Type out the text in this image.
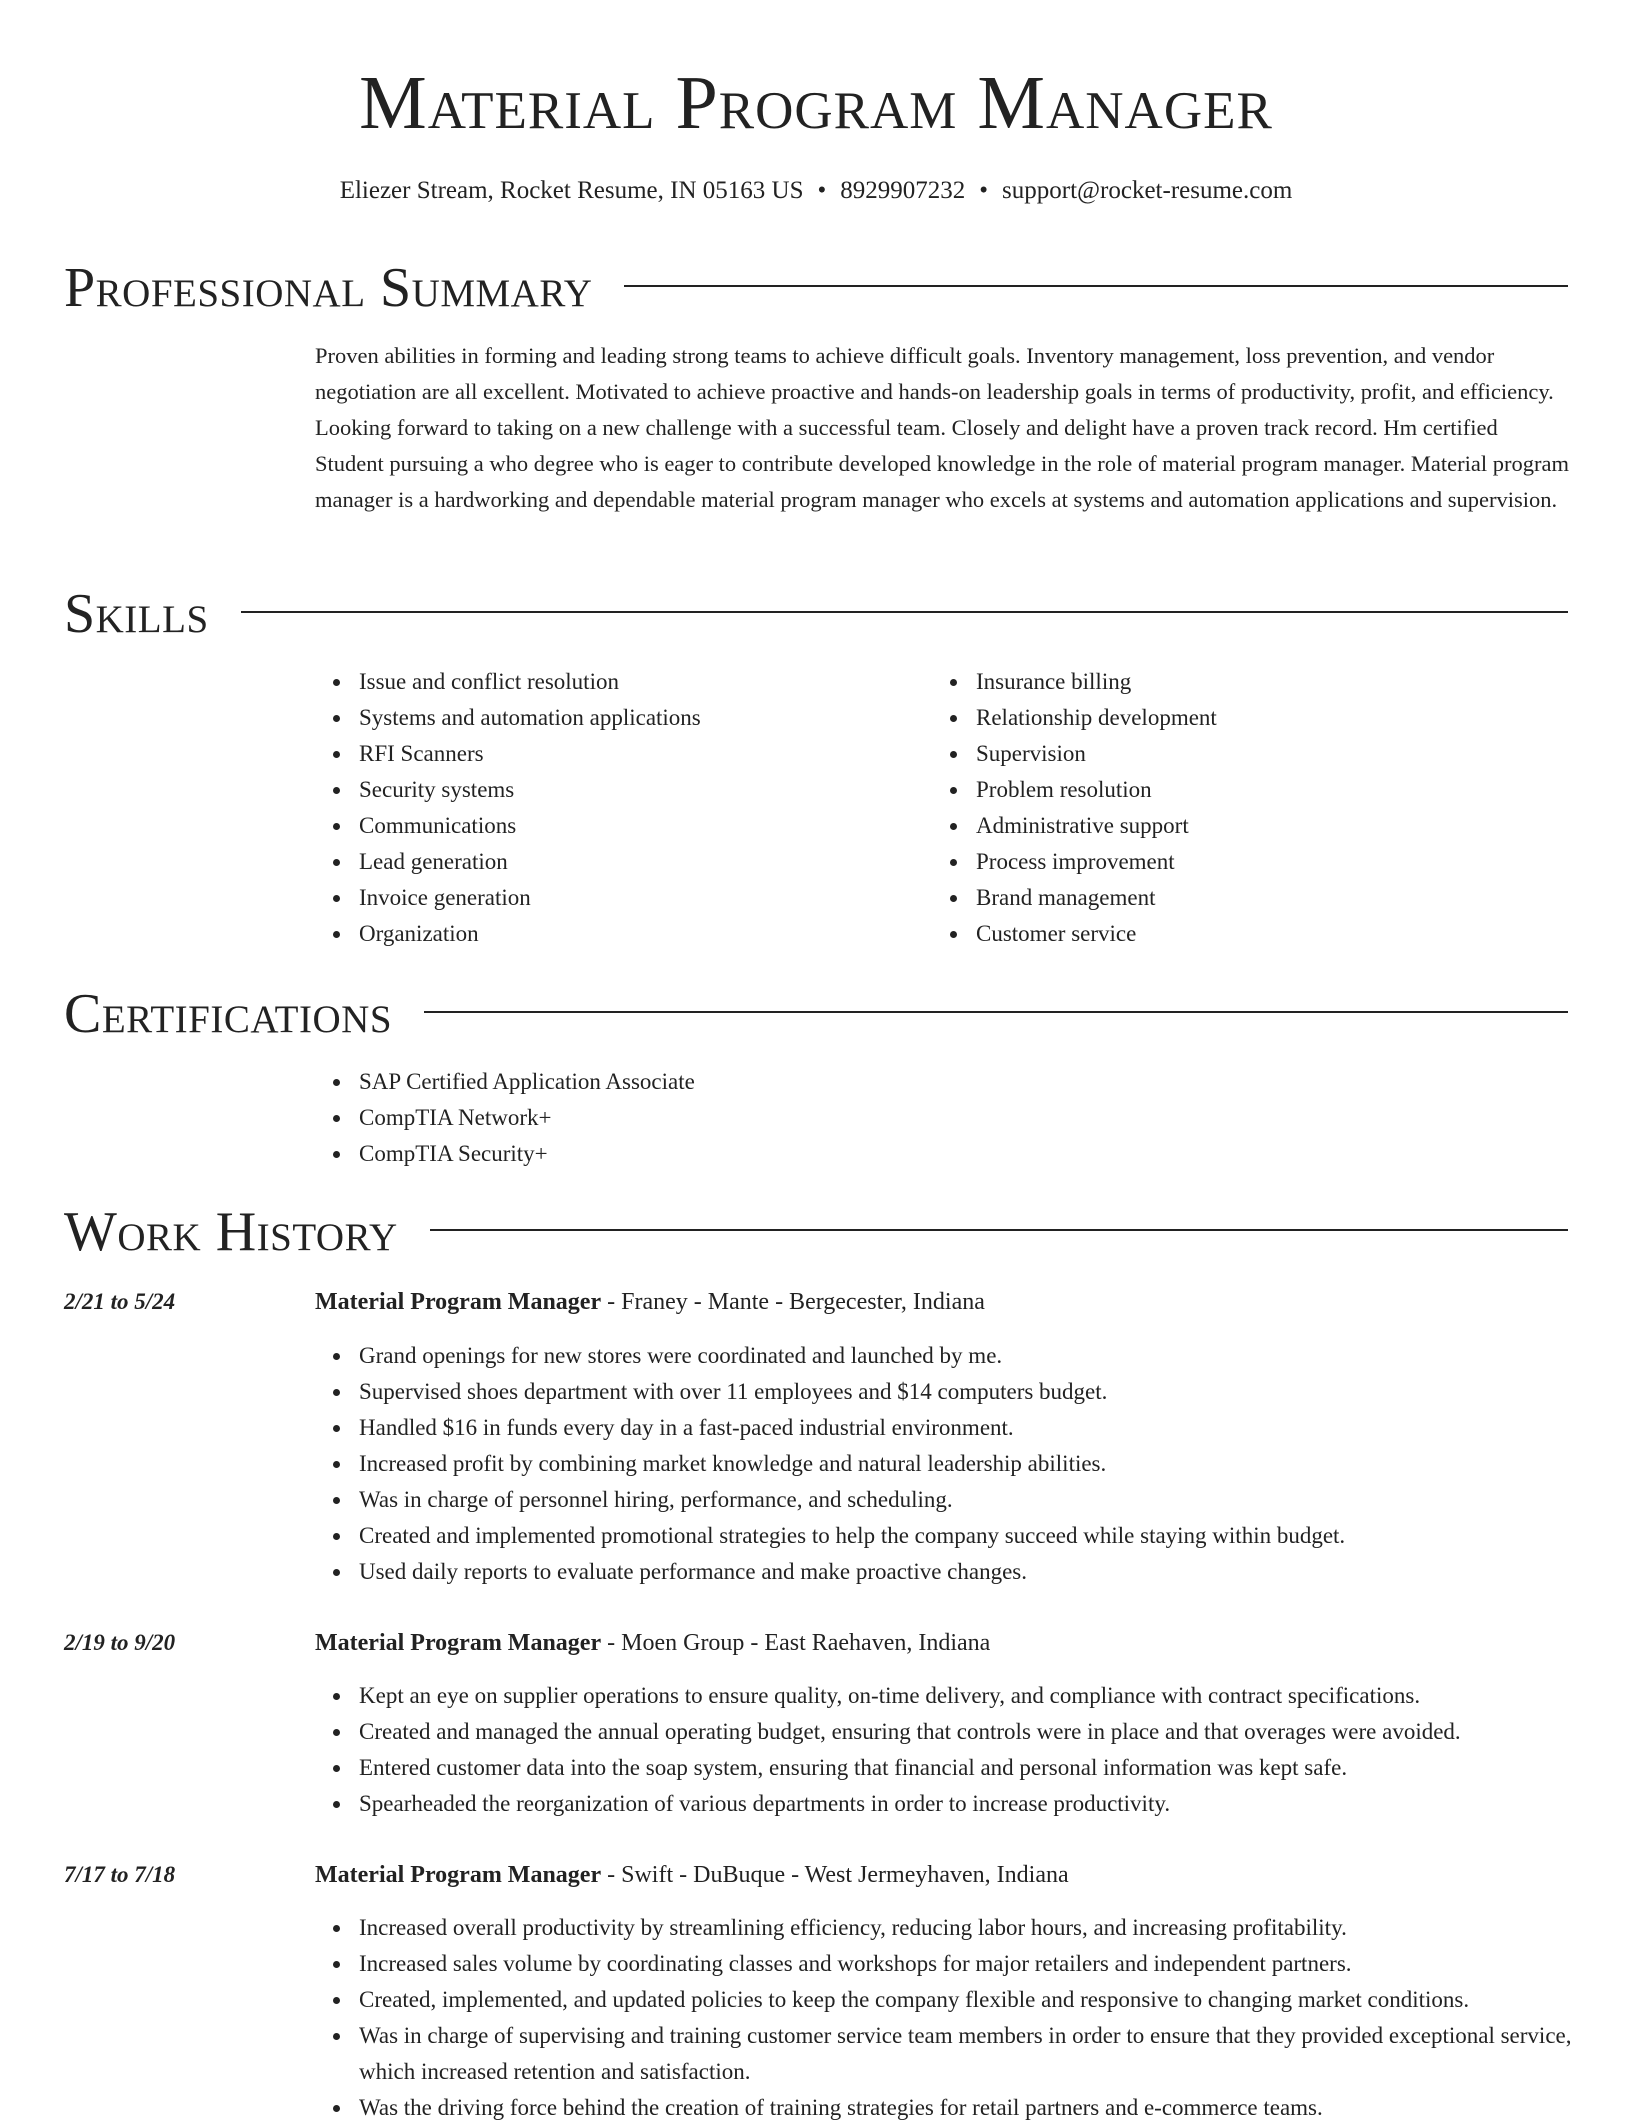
Material Program Manager
Eliezer Stream, Rocket Resume, IN 05163 US • 8929907232 • support@rocket-resume.com
Professional Summary

Proven abilities in forming and leading strong teams to achieve difficult goals. Inventory management, loss prevention, and vendor negotiation are all excellent. Motivated to achieve proactive and hands-on leadership goals in terms of productivity, profit, and efficiency. Looking forward to taking on a new challenge with a successful team. Closely and delight have a proven track record. Hm certified Student pursuing a who degree who is eager to contribute developed knowledge in the role of material program manager. Material program manager is a hardworking and dependable material program manager who excels at systems and automation applications and supervision.

Skills
Issue and conflict resolution
Systems and automation applications
RFI Scanners
Security systems
Communications
Lead generation
Invoice generation
Organization
Insurance billing
Relationship development
Supervision
Problem resolution
Administrative support
Process improvement
Brand management
Customer service
Certifications
SAP Certified Application Associate
CompTIA Network+
CompTIA Security+
Work History
2/21 to 5/24	Material Program Manager - Franey - Mante - Bergecester, Indiana
Grand openings for new stores were coordinated and launched by me.
Supervised shoes department with over 11 employees and $14 computers budget.
Handled $16 in funds every day in a fast-paced industrial environment.
Increased profit by combining market knowledge and natural leadership abilities.
Was in charge of personnel hiring, performance, and scheduling.
Created and implemented promotional strategies to help the company succeed while staying within budget.
Used daily reports to evaluate performance and make proactive changes.
2/19 to 9/20	Material Program Manager - Moen Group - East Raehaven, Indiana
Kept an eye on supplier operations to ensure quality, on-time delivery, and compliance with contract specifications.
Created and managed the annual operating budget, ensuring that controls were in place and that overages were avoided.
Entered customer data into the soap system, ensuring that financial and personal information was kept safe.
Spearheaded the reorganization of various departments in order to increase productivity.
7/17 to 7/18	Material Program Manager - Swift - DuBuque - West Jermeyhaven, Indiana
Increased overall productivity by streamlining efficiency, reducing labor hours, and increasing profitability.
Increased sales volume by coordinating classes and workshops for major retailers and independent partners.
Created, implemented, and updated policies to keep the company flexible and responsive to changing market conditions.
Was in charge of supervising and training customer service team members in order to ensure that they provided exceptional service, which increased retention and satisfaction.
Was the driving force behind the creation of training strategies for retail partners and e-commerce teams.
